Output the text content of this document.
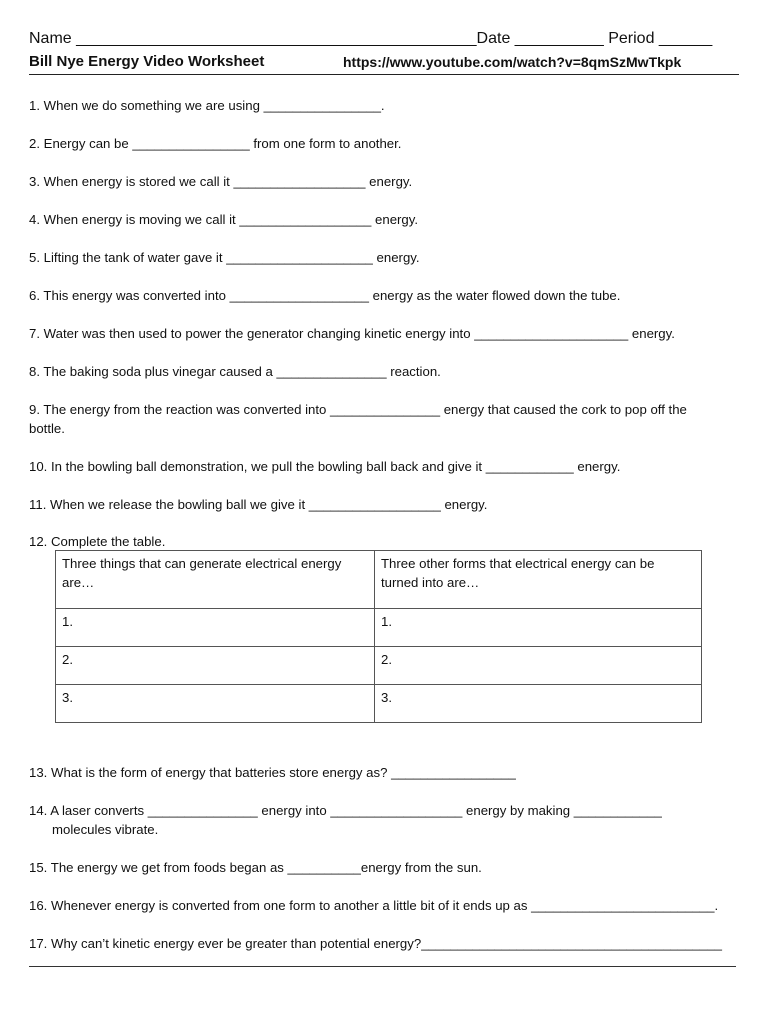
Name _____________________________________________Date __________ Period ______
Bill Nye Energy Video Worksheet	https://www.youtube.com/watch?v=8qmSzMwTkpk
1. When we do something we are using ________________.
2. Energy can be ________________ from one form to another.
3. When energy is stored we call it __________________ energy.
4. When energy is moving we call it __________________ energy.
5. Lifting the tank of water gave it ____________________ energy.
6. This energy was converted into ___________________ energy as the water flowed down the tube.
7. Water was then used to power the generator changing kinetic energy into _____________________ energy.
8. The baking soda plus vinegar caused a _______________ reaction.
9. The energy from the reaction was converted into _______________ energy that caused the cork to pop off the
bottle.
10. In the bowling ball demonstration, we pull the bowling ball back and give it ____________ energy.
11. When we release the bowling ball we give it __________________ energy.
12. Complete the table.
Three things that can generate electrical energy are…	Three other forms that electrical energy can be turned into are…
1.	1.
2.	2.
3.	3.
13. What is the form of energy that batteries store energy as? _________________
14. A laser converts _______________ energy into __________________ energy by making ____________
molecules vibrate.
15. The energy we get from foods began as __________energy from the sun.
16. Whenever energy is converted from one form to another a little bit of it ends up as _________________________.
17. Why can’t kinetic energy ever be greater than potential energy?_________________________________________
